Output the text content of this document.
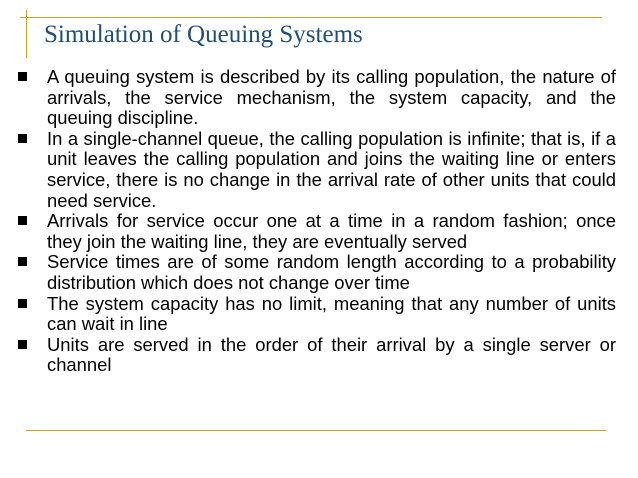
Simulation of Queuing Systems
A queuing system is described by its calling population, the nature of arrivals, the service mechanism, the system capacity, and the queuing discipline.
In a single-channel queue, the calling population is infinite; that is, if a unit leaves the calling population and joins the waiting line or enters service, there is no change in the arrival rate of other units that could need service.
Arrivals for service occur one at a time in a random fashion; once they join the waiting line, they are eventually served
Service times are of some random length according to a probability distribution which does not change over time
The system capacity has no limit, meaning that any number of units can wait in line
Units are served in the order of their arrival by a single server or channel
